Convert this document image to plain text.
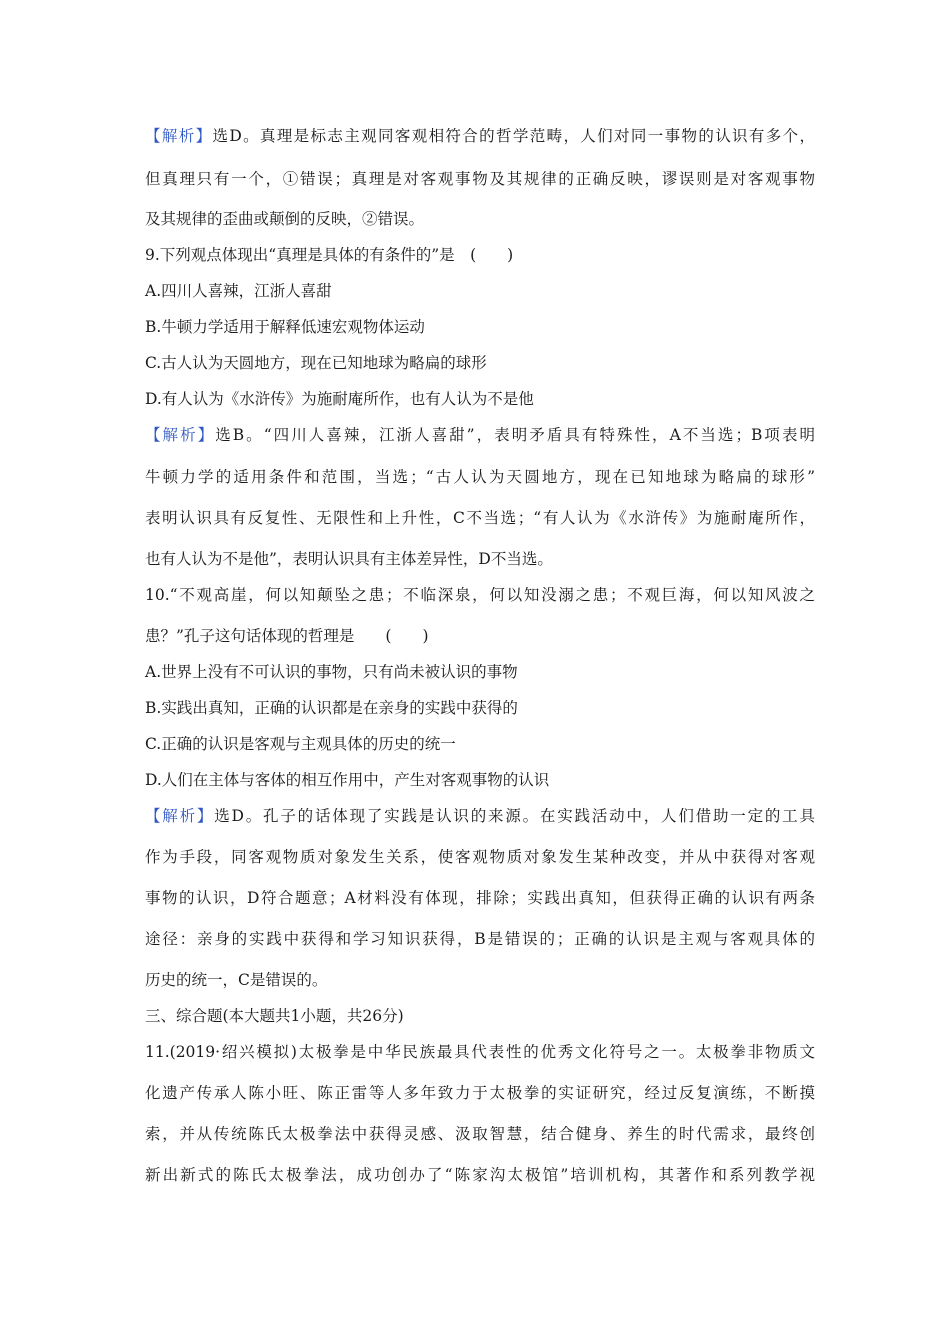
【解析】选D。真理是标志主观同客观相符合的哲学范畴，人们对同一事物的认识有多个，
但真理只有一个，①错误；真理是对客观事物及其规律的正确反映，谬误则是对客观事物
及其规律的歪曲或颠倒的反映，②错误。
9.下列观点体现出“真理是具体的有条件的”是　(　　)
A.四川人喜辣，江浙人喜甜
B.牛顿力学适用于解释低速宏观物体运动
C.古人认为天圆地方，现在已知地球为略扁的球形
D.有人认为《水浒传》为施耐庵所作，也有人认为不是他
【解析】选B。“四川人喜辣，江浙人喜甜”，表明矛盾具有特殊性，A不当选；B项表明
牛顿力学的适用条件和范围，当选；“古人认为天圆地方，现在已知地球为略扁的球形”
表明认识具有反复性、无限性和上升性，C不当选；“有人认为《水浒传》为施耐庵所作，
也有人认为不是他”，表明认识具有主体差异性，D不当选。
10.“不观高崖，何以知颠坠之患；不临深泉，何以知没溺之患；不观巨海，何以知风波之
患？”孔子这句话体现的哲理是　　(　　)
A.世界上没有不可认识的事物，只有尚未被认识的事物
B.实践出真知，正确的认识都是在亲身的实践中获得的
C.正确的认识是客观与主观具体的历史的统一
D.人们在主体与客体的相互作用中，产生对客观事物的认识
【解析】选D。孔子的话体现了实践是认识的来源。在实践活动中，人们借助一定的工具
作为手段，同客观物质对象发生关系，使客观物质对象发生某种改变，并从中获得对客观
事物的认识，D符合题意；A材料没有体现，排除；实践出真知，但获得正确的认识有两条
途径：亲身的实践中获得和学习知识获得，B是错误的；正确的认识是主观与客观具体的
历史的统一，C是错误的。
三、综合题(本大题共1小题，共26分)
11.(2019·绍兴模拟)太极拳是中华民族最具代表性的优秀文化符号之一。太极拳非物质文
化遗产传承人陈小旺、陈正雷等人多年致力于太极拳的实证研究，经过反复演练，不断摸
索，并从传统陈氏太极拳法中获得灵感、汲取智慧，结合健身、养生的时代需求，最终创
新出新式的陈氏太极拳法，成功创办了“陈家沟太极馆”培训机构，其著作和系列教学视
